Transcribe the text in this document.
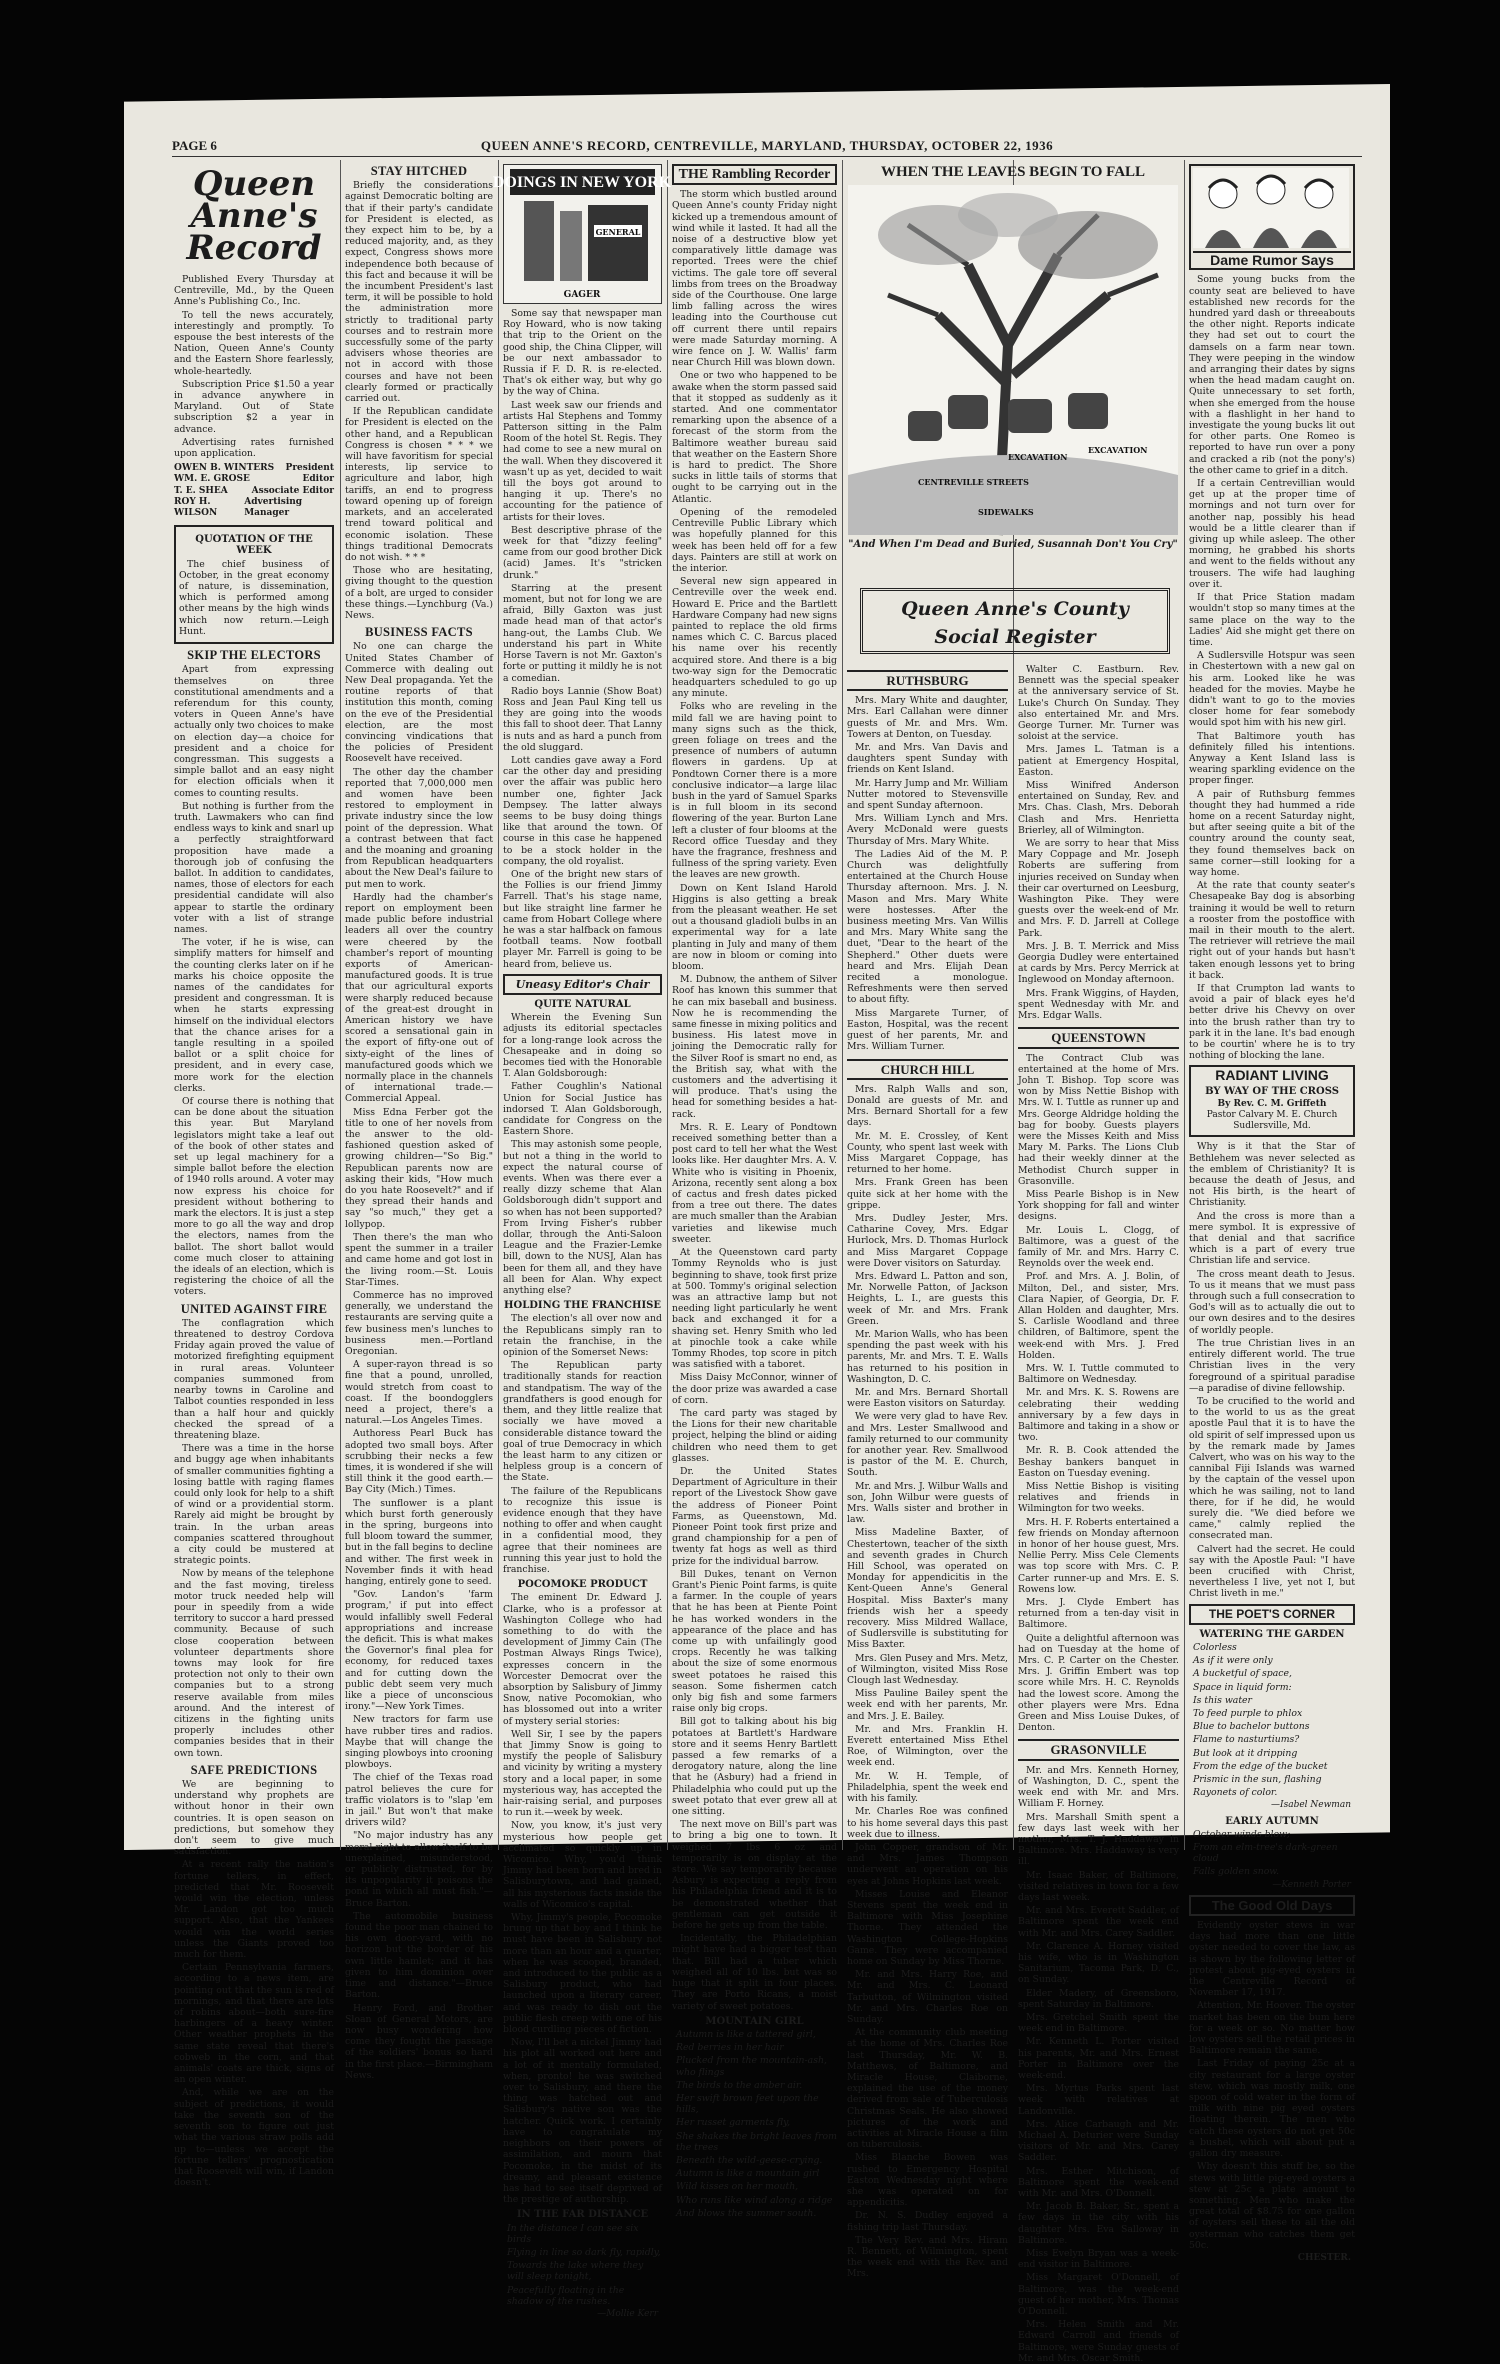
PAGE 6	QUEEN ANNE'S RECORD, CENTREVILLE, MARYLAND, THURSDAY, OCTOBER 22, 1936
Queen Anne's
Record

Published Every Thursday at Centreville, Md., by the Queen Anne's Publishing Co., Inc.

To tell the news accurately, interestingly and promptly. To espouse the best interests of the Nation, Queen Anne's County and the Eastern Shore fearlessly, whole-heartedly.

Subscription Price $1.50 a year in advance anywhere in Maryland. Out of State subscription $2 a year in advance.

Advertising rates furnished upon application.

OWEN B. WINTERS President
WM. E. GROSE	Editor
T. E. SHEA	Associate Editor
ROY H. WILSON
Advertising Manager
QUOTATION OF THE WEEK

The chief business of October, in the great economy of nature, is dissemination, which is performed among other means by the high winds which now return.—Leigh Hunt.

SKIP THE ELECTORS

Apart from expressing themselves on three constitutional amendments and a referendum for this county, voters in Queen Anne's have actually only two choices to make on election day—a choice for president and a choice for congressman. This suggests a simple ballot and an easy night for election officials when it comes to counting results.

But nothing is further from the truth. Lawmakers who can find endless ways to kink and snarl up a perfectly straightforward proposition have made a thorough job of confusing the ballot. In addition to candidates, names, those of electors for each presidential candidate will also appear to startle the ordinary voter with a list of strange names.

The voter, if he is wise, can simplify matters for himself and the counting clerks later on if he marks his choice opposite the names of the candidates for president and congressman. It is when he starts expressing himself on the individual electors that the chance arises for a tangle resulting in a spoiled ballot or a split choice for president, and in every case, more work for the election clerks.

Of course there is nothing that can be done about the situation this year. But Maryland legislators might take a leaf out of the book of other states and set up legal machinery for a simple ballot before the election of 1940 rolls around. A voter may now express his choice for president without bothering to mark the electors. It is just a step more to go all the way and drop the electors, names from the ballot. The short ballot would come much closer to attaining the ideals of an election, which is registering the choice of all the voters.

UNITED AGAINST FIRE

The conflagration which threatened to destroy Cordova Friday again proved the value of motorized firefighting equipment in rural areas. Volunteer companies summoned from nearby towns in Caroline and Talbot counties responded in less than a half hour and quickly checked the spread of a threatening blaze.

There was a time in the horse and buggy age when inhabitants of smaller communities fighting a losing battle with raging flames could only look for help to a shift of wind or a providential storm. Rarely aid might be brought by train. In the urban areas companies scattered throughout a city could be mustered at strategic points.

Now by means of the telephone and the fast moving, tireless motor truck needed help will pour in speedily from a wide territory to succor a hard pressed community. Because of such close cooperation between volunteer departments shore towns may look for fire protection not only to their own companies but to a strong reserve available from miles around. And the interest of citizens in the fighting units properly includes other companies besides that in their own town.

SAFE PREDICTIONS

We are beginning to understand why prophets are without honor in their own countries. It is open season on predictions, but somehow they don't seem to give much satisfaction.

At a recent rally the nation's fortune tellers, in effect, predicted that Mr. Roosevelt would win the election, unless Mr. Landon got too much support. Also, that the Yankees would win the world series unless the Giants proved too much for them.

Certain Pennsylvania farmers, according to a news item, are pointing out that the sun is red of mornings, and that there are lots of robins about—both sure-fire harbingers of a heavy winter. Other weather prophets in the same state reveal that there's cobweb in the corn, and that animals' coats are thick, signs of an open winter.

And, while we are on the subject of predictions, it would take the seventh son of the seventh son to figure out just what the various straw polls add up to—unless we accept the fortune tellers' prognostication that Roosevelt will win, if Landon doesn't.

STAY HITCHED

Briefly the considerations against Democratic bolting are that if their party's candidate for President is elected, as they expect him to be, by a reduced majority, and, as they expect, Congress shows more independence both because of this fact and because it will be the incumbent President's last term, it will be possible to hold the administration more strictly to traditional party courses and to restrain more successfully some of the party advisers whose theories are not in accord with those courses and have not been clearly formed or practically carried out.

If the Republican candidate for President is elected on the other hand, and a Republican Congress is chosen * * * we will have favoritism for special interests, lip service to agriculture and labor, high tariffs, an end to progress toward opening up of foreign markets, and an accelerated trend toward political and economic isolation. These things traditional Democrats do not wish. * * *

Those who are hesitating, giving thought to the question of a bolt, are urged to consider these things.—Lynchburg (Va.) News.

BUSINESS FACTS

No one can charge the United States Chamber of Commerce with dealing out New Deal propaganda. Yet the routine reports of that institution this month, coming on the eve of the Presidential election, are the most convincing vindications that the policies of President Roosevelt have received.

The other day the chamber reported that 7,000,000 men and women have been restored to employment in private industry since the low point of the depression. What a contrast between that fact and the moaning and groaning from Republican headquarters about the New Deal's failure to put men to work.

Hardly had the chamber's report on employment been made public before industrial leaders all over the country were cheered by the chamber's report of mounting exports of American-manufactured goods. It is true that our agricultural exports were sharply reduced because of the great-est drought in American history we have scored a sensational gain in the export of fifty-one out of sixty-eight of the lines of manufactured goods which we normally place in the channels of international trade.—Commercial Appeal.

Miss Edna Ferber got the title to one of her novels from the answer to the old-fashioned question asked of growing children—"So Big." Republican parents now are asking their kids, "How much do you hate Roosevelt?" and if they spread their hands and say "so much," they get a lollypop.

Then there's the man who spent the summer in a trailer and came home and got lost in the living room.—St. Louis Star-Times.

Commerce has no improved generally, we understand the restaurants are serving quite a few business men's lunches to business men.—Portland Oregonian.

A super-rayon thread is so fine that a pound, unrolled, would stretch from coast to coast. If the boondogglers need a project, there's a natural.—Los Angeles Times.

Authoress Pearl Buck has adopted two small boys. After scrubbing their necks a few times, it is wondered if she will still think it the good earth.—Bay City (Mich.) Times.

The sunflower is a plant which burst forth generously in the spring, burgeons into full bloom toward the summer, but in the fall begins to decline and wither. The first week in November finds it with head hanging, entirely gone to seed.

"Gov. Landon's 'farm program,' if put into effect would infallibly swell Federal appropriations and increase the deficit. This is what makes the Governor's final plea for economy, for reduced taxes and for cutting down the public debt seem very much like a piece of unconscious irony."—New York Times.

New tractors for farm use have rubber tires and radios. Maybe that will change the singing plowboys into crooning plowboys.

The chief of the Texas road patrol believes the cure for traffic violators is to "slap 'em in jail." But won't that make drivers wild?

"No major industry has any moral right to allow itself to be unexplained, misunderstood, or publicly distrusted, for by its unpopularity it poisons the pond in which all must fish."—Bruce Barton.

The automobile business found the poor man chained to his own door-yard, with no horizon but the border of his own little hamlet; and it has given to him dominion over time and distance."—Bruce Barton.

Henry Ford, and Brother Sloan of General Motors, are now busy wondering how come they fought the passage of the soldiers' bonus so hard in the first place.—Birmingham News.

DOINGS IN NEW YORK
GENERAL
GAGER

Some say that newspaper man Roy Howard, who is now taking that trip to the Orient on the good ship, the China Clipper, will be our next ambassador to Russia if F. D. R. is re-elected. That's ok either way, but why go by the way of China.

Last week saw our friends and artists Hal Stephens and Tommy Patterson sitting in the Palm Room of the hotel St. Regis. They had come to see a new mural on the wall. When they discovered it wasn't up as yet, decided to wait till the boys got around to hanging it up. There's no accounting for the patience of artists for their loves.

Best descriptive phrase of the week for that "dizzy feeling" came from our good brother Dick (acid) James. It's "stricken drunk."

Starring at the present moment, but not for long we are afraid, Billy Gaxton was just made head man of that actor's hang-out, the Lambs Club. We understand his part in White Horse Tavern is not Mr. Gaxton's forte or putting it mildly he is not a comedian.

Radio boys Lannie (Show Boat) Ross and Jean Paul King tell us they are going into the woods this fall to shoot deer. That Lanny is nuts and as hard a punch from the old sluggard.

Lott candies gave away a Ford car the other day and presiding over the affair was public hero number one, fighter Jack Dempsey. The latter always seems to be busy doing things like that around the town. Of course in this case he happened to be a stock holder in the company, the old royalist.

One of the bright new stars of the Follies is our friend Jimmy Farrell. That's his stage name, but like straight line farmer he came from Hobart College where he was a star halfback on famous football teams. Now football player Mr. Farrell is going to be heard from, believe us.

Uneasy Editor's Chair
QUITE NATURAL

Wherein the Evening Sun adjusts its editorial spectacles for a long-range look across the Chesapeake and in doing so becomes tied with the Honorable T. Alan Goldsborough:

Father Coughlin's National Union for Social Justice has indorsed T. Alan Goldsborough, candidate for Congress on the Eastern Shore.

This may astonish some people, but not a thing in the world to expect the natural course of events. When was there ever a really dizzy scheme that Alan Goldsborough didn't support and so when has not been supported? From Irving Fisher's rubber dollar, through the Anti-Saloon League and the Frazier-Lemke bill, down to the NUSJ, Alan has been for them all, and they have all been for Alan. Why expect anything else?

HOLDING THE FRANCHISE

The election's all over now and the Republicans simply ran to retain the franchise, in the opinion of the Somerset News:

The Republican party traditionally stands for reaction and standpatism. The way of the grandfathers is good enough for them, and they little realize that socially we have moved a considerable distance toward the goal of true Democracy in which the least harm to any citizen or helpless group is a concern of the State.

The failure of the Republicans to recognize this issue is evidence enough that they have nothing to offer and when caught in a confidential mood, they agree that their nominees are running this year just to hold the franchise.

POCOMOKE PRODUCT

The eminent Dr. Edward J. Clarke, who is a professor at Washington College who had something to do with the development of Jimmy Cain (The Postman Always Rings Twice), expresses concern in the Worcester Democrat over the absorption by Salisbury of Jimmy Snow, native Pocomokian, who has blossomed out into a writer of mystery serial stories:

Well Sir, I see by the papers that Jimmy Snow is going to mystify the people of Salisbury and vicinity by writing a mystery story and a local paper, in some mysterious way, has accepted the hair-raising serial, and purposes to run it.—week by week.

Now, you know, it's just very mysterious how people get acclimated so quickly up in Wicomico. Why, you'd think Jimmy had been born and bred in Salisburytown, and had gained, all his mysterious facts inside the walls of Wicomico's capital.

Why, Jimmy's people, Pocomoke brung up that boy and I think he must have been in Salisbury not more than an hour and a quarter, when he was scooped, branded, and introduced to the public as a Salisbury product, who had launched upon a literary career, and was ready to dish out the public flesh creep with one of his blood curdling pieces of fiction.

Now, I'll bet a nickel Jimmy had his plot all worked out here and a lot of it mentally formulated, when, pronto! he was switched over to Salisbury, and there the thing was hatched out and Salisbury's native son was the hatcher. Quick work. I certainly have to congratulate my neighbors on their powers of assimilation, and mourn that Pocomoke, in the midst of its dreamy, and pleasant existence has had to see itself deprived of the prestige of authorship.

IN THE FAR DISTANCE

In the distance I can see six birds

Flying in line so dark fly, rapidly,

Towards the lake where they will sleep tonight,

Peacefully floating in the shadow of the rushes.

—Mollie Kerr
THE Rambling Recorder

The storm which bustled around Queen Anne's county Friday night kicked up a tremendous amount of wind while it lasted. It had all the noise of a destructive blow yet comparatively little damage was reported. Trees were the chief victims. The gale tore off several limbs from trees on the Broadway side of the Courthouse. One large limb falling across the wires leading into the Courthouse cut off current there until repairs were made Saturday morning. A wire fence on J. W. Wallis' farm near Church Hill was blown down.

One or two who happened to be awake when the storm passed said that it stopped as suddenly as it started. And one commentator remarking upon the absence of a forecast of the storm from the Baltimore weather bureau said that weather on the Eastern Shore is hard to predict. The Shore sucks in little tails of storms that ought to be carrying out in the Atlantic.

Opening of the remodeled Centreville Public Library which was hopefully planned for this week has been held off for a few days. Painters are still at work on the interior.

Several new sign appeared in Centreville over the week end. Howard E. Price and the Bartlett Hardware Company had new signs painted to replace the old firms names which C. C. Barcus placed his name over his recently acquired store. And there is a big two-way sign for the Democratic headquarters scheduled to go up any minute.

Folks who are reveling in the mild fall we are having point to many signs such as the thick, green foliage on trees and the presence of numbers of autumn flowers in gardens. Up at Pondtown Corner there is a more conclusive indicator—a large lilac bush in the yard of Samuel Sparks is in full bloom in its second flowering of the year. Burton Lane left a cluster of four blooms at the Record office Tuesday and they have the fragrance, freshness and fullness of the spring variety. Even the leaves are new growth.

Down on Kent Island Harold Higgins is also getting a break from the pleasant weather. He set out a thousand gladioli bulbs in an experimental way for a late planting in July and many of them are now in bloom or coming into bloom.

M. Dubnow, the anthem of Silver Roof has known this summer that he can mix baseball and business. Now he is recommending the same finesse in mixing politics and business. His latest move in joining the Democratic rally for the Silver Roof is smart no end, as the British say, what with the customers and the advertising it will produce. That's using the head for something besides a hat-rack.

Mrs. R. E. Leary of Pondtown received something better than a post card to tell her what the West looks like. Her daughter Mrs. A. V. White who is visiting in Phoenix, Arizona, recently sent along a box of cactus and fresh dates picked from a tree out there. The dates are much smaller than the Arabian varieties and likewise much sweeter.

At the Queenstown card party Tommy Reynolds who is just beginning to shave, took first prize at 500. Tommy's original selection was an attractive lamp but not needing light particularly he went back and exchanged it for a shaving set. Henry Smith who led at pinochle took a cake while Tommy Rhodes, top score in pitch was satisfied with a taboret.

Miss Daisy McConnor, winner of the door prize was awarded a case of corn.

The card party was staged by the Lions for their new charitable project, helping the blind or aiding children who need them to get glasses.

Dr. the United States Department of Agriculture in their report of the Livestock Show gave the address of Pioneer Point Farms, as Queenstown, Md. Pioneer Point took first prize and grand championship for a pen of twenty fat hogs as well as third prize for the individual barrow.

Bill Dukes, tenant on Vernon Grant's Pienic Point farms, is quite a farmer. In the couple of years that he has been at Piente Point he has worked wonders in the appearance of the place and has come up with unfailingly good crops. Recently he was talking about the size of some enormous sweet potatoes he raised this season. Some fishermen catch only big fish and some farmers raise only big crops.

Bill got to talking about his big potatoes at Bartlett's Hardware store and it seems Henry Bartlett passed a few remarks of a derogatory nature, along the line that he (Asbury) had a friend in Philadelphia who could put up the sweet potato that ever grew all at one sitting.

The next move on Bill's part was to bring a big one to town. It weighed 7 lbs 6 oz and temporarily is on display at the store. We say temporarily because Asbury is expecting a reply from his Philadelphia friend and it is to be demonstrated whether that gentleman can get outside it before he gets up from the table.

Incidentally, the Philadelphian might have had a bigger test than that. Bill had a tuber which weighed all of 10 lbs. but was so huge that it split in four places. They are Porto Ricans, a moist variety of sweet potatoes.

MOUNTAIN GIRL

Autumn is like a tattered girl,

Red berries in her hair

Plucked from the mountain-ash, who flings

The birds to the amber air.

Her swift brown feet upon the hills,

Her russet garments fly,

She shakes the bright leaves from the trees

Beneath the wild-geese-crying.

Autumn is like a mountain girl

Wild kisses on her mouth,

Who runs like wind along a ridge

And blows the summer south.

WHEN THE LEAVES BEGIN TO FALL
CENTREVILLE STREETS
EXCAVATION
EXCAVATION
SIDEWALKS
"And When I'm Dead and Buried, Susannah Don't You Cry"
Queen Anne's County
Social Register
RUTHSBURG

Mrs. Mary White and daughter, Mrs. Earl Callahan were dinner guests of Mr. and Mrs. Wm. Towers at Denton, on Tuesday.

Mr. and Mrs. Van Davis and daughters spent Sunday with friends on Kent Island.

Mr. Harry Jump and Mr. William Nutter motored to Stevensville and spent Sunday afternoon.

Mrs. William Lynch and Mrs. Avery McDonald were guests Thursday of Mrs. Mary White.

The Ladies Aid of the M. P. Church was delightfully entertained at the Church House Thursday afternoon. Mrs. J. N. Mason and Mrs. Mary White were hostesses. After the business meeting Mrs. Van Willis and Mrs. Mary White sang the duet, "Dear to the heart of the Shepherd." Other duets were heard and Mrs. Elijah Dean recited a monologue. Refreshments were then served to about fifty.

Miss Margarete Turner, of Easton, Hospital, was the recent guest of her parents, Mr. and Mrs. William Turner.

CHURCH HILL

Mrs. Ralph Walls and son, Donald are guests of Mr. and Mrs. Bernard Shortall for a few days.

Mr. M. E. Crossley, of Kent County, who spent last week with Miss Margaret Coppage, has returned to her home.

Mrs. Frank Green has been quite sick at her home with the grippe.

Mrs. Dudley Jester, Mrs. Catharine Covey, Mrs. Edgar Hurlock, Mrs. D. Thomas Hurlock and Miss Margaret Coppage were Dover visitors on Saturday.

Mrs. Edward L. Patton and son, Mr. Norwelle Patton, of Jackson Heights, L. I., are guests this week of Mr. and Mrs. Frank Green.

Mr. Marion Walls, who has been spending the past week with his parents, Mr. and Mrs. T. E. Walls has returned to his position in Washington, D. C.

Mr. and Mrs. Bernard Shortall were Easton visitors on Saturday.

We were very glad to have Rev. and Mrs. Lester Smallwood and family returned to our community for another year. Rev. Smallwood is pastor of the M. E. Church, South.

Mr. and Mrs. J. Wilbur Walls and son, John Wilbur were guests of Mrs. Walls sister and brother in law.

Miss Madeline Baxter, of Chestertown, teacher of the sixth and seventh grades in Church Hill School, was operated on Monday for appendicitis in the Kent-Queen Anne's General Hospital. Miss Baxter's many friends wish her a speedy recovery. Miss Mildred Wallace, of Sudlersville is substituting for Miss Baxter.

Mrs. Glen Pusey and Mrs. Metz, of Wilmington, visited Miss Rose Clough last Wednesday.

Miss Pauline Bailey spent the week end with her parents, Mr. and Mrs. J. E. Bailey.

Mr. and Mrs. Franklin H. Everett entertained Miss Ethel Roe, of Wilmington, over the week end.

Mr. W. H. Temple, of Philadelphia, spent the week end with his family.

Mr. Charles Roe was confined to his home several days this past week due to illness.

John Copper, grandson of Mr. and Mrs. James Thompson underwent an operation on his eyes at Johns Hopkins last week.

Misses Louise and Eleanor Stevens spent the week end in Baltimore with Miss Josephine Thorne. They attended the Washington College-Hopkins Game. They were accompanied home on Sunday by Miss Thorne.

Mr. and Mrs. Harry Roe, and Mr. and Mrs. C. Leonard Tarbutton, of Wilmington visited Mr. and Mrs. Charles Roe on Sunday.

At the community club meeting at the home of Mrs. Charles Roe last Thursday, Mr. W. B. Matthews, of Baltimore, and Miracle House, Claiborne, explained the use of the money derived from sale of Tuberculosis Christmas Seals. He also showed pictures of the work and activities at Miracle House a film on tuberculosis.

Miss Blanche Bowen was rushed to Emergency Hospital Easton Wednesday night where she was operated on for appendicitis.

Dr. N. S. Dudley enjoyed a fishing trip last Thursday.

The Very Rev. and Mrs. Hiram R. Bennett, of Wilmington, spent the week end with the Rev. and Mrs.

Walter C. Eastburn. Rev. Bennett was the special speaker at the anniversary service of St. Luke's Church On Sunday. They also entertained Mr. and Mrs. George Turner. Mr. Turner was soloist at the service.

Mrs. James L. Tatman is a patient at Emergency Hospital, Easton.

Miss Winifred Anderson entertained on Sunday, Rev. and Mrs. Chas. Clash, Mrs. Deborah Clash and Mrs. Henrietta Brierley, all of Wilmington.

We are sorry to hear that Miss Mary Coppage and Mr. Joseph Roberts are suffering from injuries received on Sunday when their car overturned on Leesburg, Washington Pike. They were guests over the week-end of Mr. and Mrs. F. D. Jarrell at College Park.

Mrs. J. B. T. Merrick and Miss Georgia Dudley were entertained at cards by Mrs. Percy Merrick at Inglewood on Monday afternoon.

Mrs. Frank Wiggins, of Hayden, spent Wednesday with Mr. and Mrs. Edgar Walls.

QUEENSTOWN

The Contract Club was entertained at the home of Mrs. John T. Bishop. Top score was won by Miss Nettie Bishop with Mrs. W. I. Tuttle as runner up and Mrs. George Aldridge holding the bag for booby. Guests players were the Misses Keith and Miss Mary M. Parks. The Lions Club had their weekly dinner at the Methodist Church supper in Grasonville.

Miss Pearle Bishop is in New York shopping for fall and winter designs.

Mr. Louis L. Clogg, of Baltimore, was a guest of the family of Mr. and Mrs. Harry C. Reynolds over the week end.

Prof. and Mrs. A. J. Bolin, of Milton, Del., and sister, Mrs. Clara Napier, of Georgia, Dr. F. Allan Holden and daughter, Mrs. S. Carlisle Woodland and three children, of Baltimore, spent the week-end with Mrs. J. Fred Holden.

Mrs. W. I. Tuttle commuted to Baltimore on Wednesday.

Mr. and Mrs. K. S. Rowens are celebrating their wedding anniversary by a few days in Baltimore and taking in a show or two.

Mr. R. B. Cook attended the Beshay bankers banquet in Easton on Tuesday evening.

Miss Nettie Bishop is visiting relatives and friends in Wilmington for two weeks.

Mrs. H. F. Roberts entertained a few friends on Monday afternoon in honor of her house guest, Mrs. Nellie Perry. Miss Cele Clements was top score with Mrs. C. P. Carter runner-up and Mrs. E. S. Rowens low.

Mrs. J. Clyde Embert has returned from a ten-day visit in Baltimore.

Quite a delightful afternoon was had on Tuesday at the home of Mrs. C. P. Carter on the Chester. Mrs. J. Griffin Embert was top score while Mrs. H. C. Reynolds had the lowest score. Among the other players were Mrs. Edna Green and Miss Louise Dukes, of Denton.

GRASONVILLE

Mr. and Mrs. Kenneth Horney, of Washington, D. C., spent the week end with Mr. and Mrs. William F. Horney.

Mrs. Marshall Smith spent a few days last week with her mother, Mrs. T. J. Haddaway in Baltimore. Mrs. Haddaway is very ill.

Mr. Isaac Baker, of Baltimore, visited relatives in town for a few days last week.

Mr. and Mrs. Everett Saddler, of Baltimore spent the week end with Mr. and Mrs. Carey Saddler.

Mr. Clarence A. Horney visited his wife, who is in Washington Sanitarium, Tacoma Park, D. C., on Sunday.

Elder Madery, of Greensboro, spent Saturday in Baltimore.

Mrs. Gretchel Smith spent the week end in Baltimore.

Mr. Kenneth L. Porter visited his parents, Mr. and Mrs. Ernest Porter in Baltimore over the week-end.

Mrs. Myrtus Parks spent last week with relatives at Landonville.

Mrs. Alice Carbaugh and Mr. Michael A. Deturier were Sunday visitors of Mr. and Mrs. Carey Saddler.

Mrs. Esther Mitchison, of Baltimore spent the week-end with Mr. and Mrs. O'Donnell.

Mr. Jacob B. Baker, Sr., spent a few days in the city with his daughter Mrs. Eva Salloway in Baltimore.

Miss Evelyn Bryan was a week-end visitor in Baltimore.

Miss Margaret O'Donnell, of Baltimore, was the week-end guest of her mother, Mrs. Thomas O'Donnell.

Mrs. Helen Smith and Mr. Edward Carroll and friends of Baltimore, were Sunday guests of Mr. and Mrs. Oscar Smith.

Dame Rumor Says

Some young bucks from the county seat are believed to have established new records for the hundred yard dash or threeabouts the other night. Reports indicate they had set out to court the damsels on a farm near town. They were peeping in the window and arranging their dates by signs when the head madam caught on. Quite unnecessary to set forth, when she emerged from the house with a flashlight in her hand to investigate the young bucks lit out for other parts. One Romeo is reported to have run over a pony and cracked a rib (not the pony's) the other came to grief in a ditch.

If a certain Centrevillian would get up at the proper time of mornings and not turn over for another nap, possibly his head would be a little clearer than if giving up while asleep. The other morning, he grabbed his shorts and went to the fields without any trousers. The wife had laughing over it.

If that Price Station madam wouldn't stop so many times at the same place on the way to the Ladies' Aid she might get there on time.

A Sudlersville Hotspur was seen in Chestertown with a new gal on his arm. Looked like he was headed for the movies. Maybe he didn't want to go to the movies closer home for fear somebody would spot him with his new girl.

That Baltimore youth has definitely filled his intentions. Anyway a Kent Island lass is wearing sparkling evidence on the proper finger.

A pair of Ruthsburg femmes thought they had hummed a ride home on a recent Saturday night, but after seeing quite a bit of the country around the county seat, they found themselves back on same corner—still looking for a way home.

At the rate that county seater's Chesapeake Bay dog is absorbing training it would be well to return a rooster from the postoffice with mail in their mouth to the alert. The retriever will retrieve the mail right out of your hands but hasn't taken enough lessons yet to bring it back.

If that Crumpton lad wants to avoid a pair of black eyes he'd better drive his Chevvy on over into the brush rather than try to park it in the lane. It's bad enough to be courtin' where he is to try nothing of blocking the lane.

RADIANT LIVING
BY WAY OF THE CROSS
By Rev. C. M. Griffeth
Pastor Calvary M. E. Church
Sudlersville, Md.

Why is it that the Star of Bethlehem was never selected as the emblem of Christianity? It is because the death of Jesus, and not His birth, is the heart of Christianity.

And the cross is more than a mere symbol. It is expressive of that denial and that sacrifice which is a part of every true Christian life and service.

The cross meant death to Jesus. To us it means that we must pass through such a full consecration to God's will as to actually die out to our own desires and to the desires of worldly people.

The true Christian lives in an entirely different world. The true Christian lives in the very foreground of a spiritual paradise—a paradise of divine fellowship.

To be crucified to the world and to the world to us as the great apostle Paul that it is to have the old spirit of self impressed upon us by the remark made by James Calvert, who was on his way to the cannibal Fiji Islands was warned by the captain of the vessel upon which he was sailing, not to land there, for if he did, he would surely die. "We died before we came," calmly replied the consecrated man.

Calvert had the secret. He could say with the Apostle Paul: "I have been crucified with Christ, nevertheless I live, yet not I, but Christ liveth in me."

THE POET'S CORNER
WATERING THE GARDEN

Colorless

As if it were only

A bucketful of space,

Space in liquid form:

Is this water

To feed purple to phlox

Blue to bachelor buttons

Flame to nasturtiums?

But look at it dripping

From the edge of the bucket

Prismic in the sun, flashing

Rayonets of color.

—Isabel Newman
EARLY AUTUMN

October winds blow;

From an elm-tree's dark-green cloud

Falls golden snow.

—Kenneth Porter
The Good Old Days

Evidently oyster stews in war days had more than one little oyster needed to cover the law, as is shown by the following letter of protest about pig-eyed oysters in the Centreville Record of November 17, 1917.

Attention, Mr. Hoover. The oyster market has been on the bum here for a week or so. No matter how low oysters sell the retail prices in Baltimore remain the same.

Last Friday of paying 25c at a city restaurant for a large oyster stew, which was mostly milk, one spoon of cold water in the form of milk with nine pig eyed oysters floating therein. The men who catch these oysters do not get 50c a bushel, which will about put a gallon dry measure.

Why doesn't this stuff be, so the stews with little pig-eyed oysters a stew at 25c a plate amount to something. Men who make the great total of $8.75 for one gallon of oysters sell these to all the old oysterman who catches them get 50c.

CHESTER.
